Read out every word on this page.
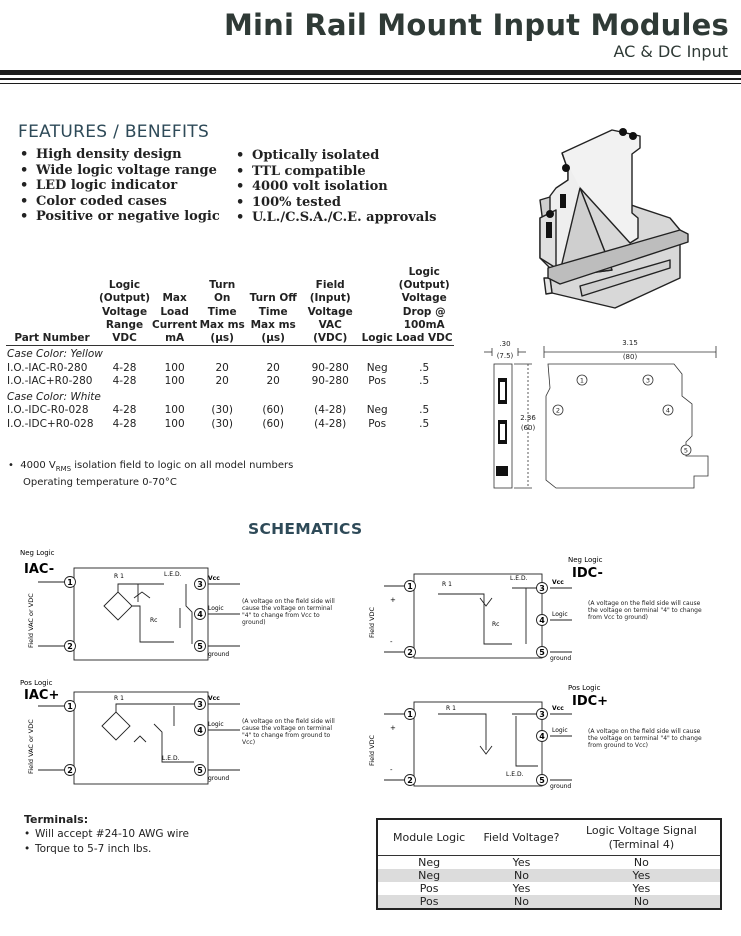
Mini Rail Mount Input Modules
AC & DC Input
FEATURES / BENEFITS
• High density design
• Wide logic voltage range
• LED logic indicator
• Color coded cases
• Positive or negative logic
• Optically isolated
• TTL compatible
• 4000 volt isolation
• 100% tested
• U.L./C.S.A./C.E. approvals
Part Number	Logic (Output) Voltage Range VDC	Max Load Current mA	Turn On Time Max ms (µs)	Turn Off Time Max ms (µs)	Field (Input) Voltage VAC (VDC)	Logic	Logic (Output) Voltage Drop @ 100mA Load VDC

Case Color: Yellow							
I.O.-IAC-R0-280	4-28	100	20	20	90-280	Neg	.5
I.O.-IAC+R0-280	4-28	100	20	20	90-280	Pos	.5
Case Color: White							
I.O.-IDC-R0-028	4-28	100	(30)	(60)	(4-28)	Neg	.5
I.O.-IDC+R0-028	4-28	100	(30)	(60)	(4-28)	Pos	.5
•  4000 $V_{RMS}$ isolation field to logic on all model numbers
Operating temperature 0-70°C
1
2
3
4
5
.30
(7.5)
3.15
(80)
2.36
(60)
SCHEMATICS
Neg Logic
IAC-
Field VAC or VDC
1
2
3
4
5
R 1	L.E.D.
Rc
Vcc
Logic
ground
(A voltage on the field side will cause the voltage on terminal "4" to change from Vcc to ground)
Pos Logic
IAC+
Field VAC or VDC
1
2
3
4
5
R 1
L.E.D.
Vcc
Logic
ground
(A voltage on the field side will cause the voltage on terminal "4" to change from ground to Vcc)
Neg Logic
IDC-
Field VDC
+
-
1
2
3
4
5
R 1
L.E.D.
Rc
Vcc
Logic
ground
(A voltage on the field side will cause the voltage on terminal "4" to change from Vcc to ground)
Pos Logic
IDC+
Field VDC
+
-
1
2
3
4
5
R 1
L.E.D.
Vcc
Logic
ground
(A voltage on the field side will cause the voltage on terminal "4" to change from ground to Vcc)
Terminals:
• Will accept #24-10 AWG wire
• Torque to 5-7 inch lbs.
Module Logic	Field Voltage?	Logic Voltage Signal (Terminal 4)

Neg	Yes	No
Neg	No	Yes
Pos	Yes	Yes
Pos	No	No
